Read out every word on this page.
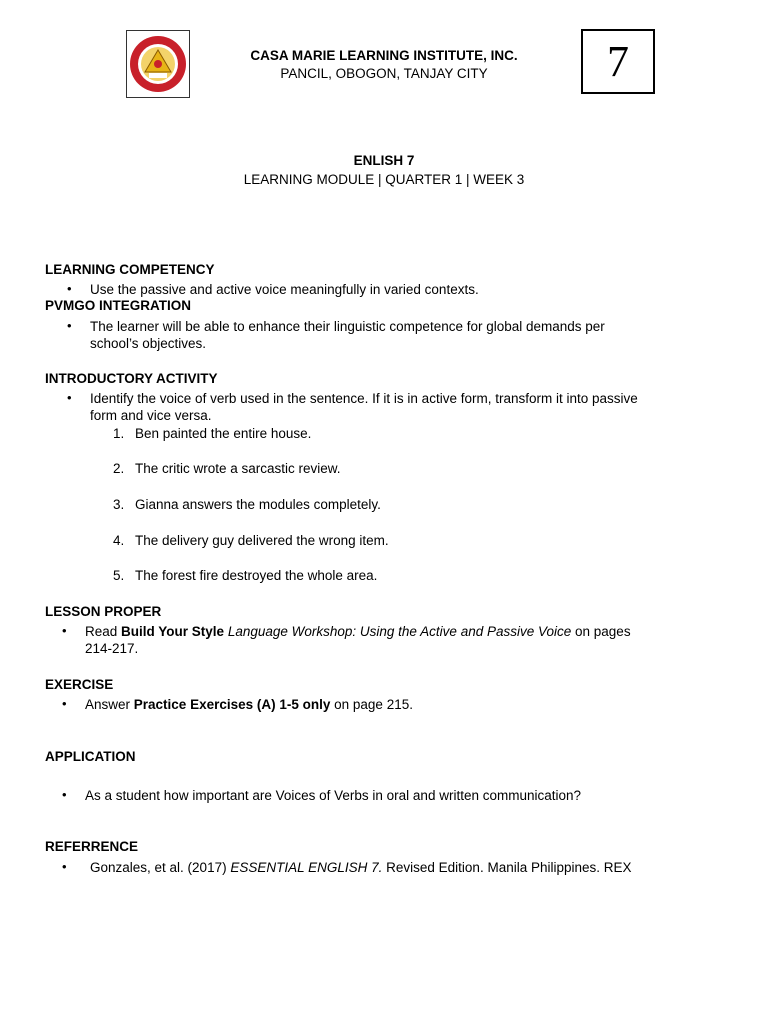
CASA MARIE LEARNING INSTITUTE, INC.
PANCIL, OBOGON, TANJAY CITY	7
ENLISH 7
LEARNING MODULE | QUARTER 1 | WEEK 3
LEARNING COMPETENCY
• Use the passive and active voice meaningfully in varied contexts.
PVMGO INTEGRATION
• The learner will be able to enhance their linguistic competence for global demands per
school’s objectives.
INTRODUCTORY ACTIVITY
• Identify the voice of verb used in the sentence. If it is in active form, transform it into passive
form and vice versa.
1. Ben painted the entire house.
2. The critic wrote a sarcastic review.
3. Gianna answers the modules completely.
4. The delivery guy delivered the wrong item.
5. The forest fire destroyed the whole area.
LESSON PROPER
• Read Build Your Style Language Workshop: Using the Active and Passive Voice on pages
214-217.
EXERCISE
• Answer Practice Exercises (A) 1-5 only on page 215.
APPLICATION
• As a student how important are Voices of Verbs in oral and written communication?
REFERRENCE
• Gonzales, et al. (2017) ESSENTIAL ENGLISH 7. Revised Edition. Manila Philippines. REX
